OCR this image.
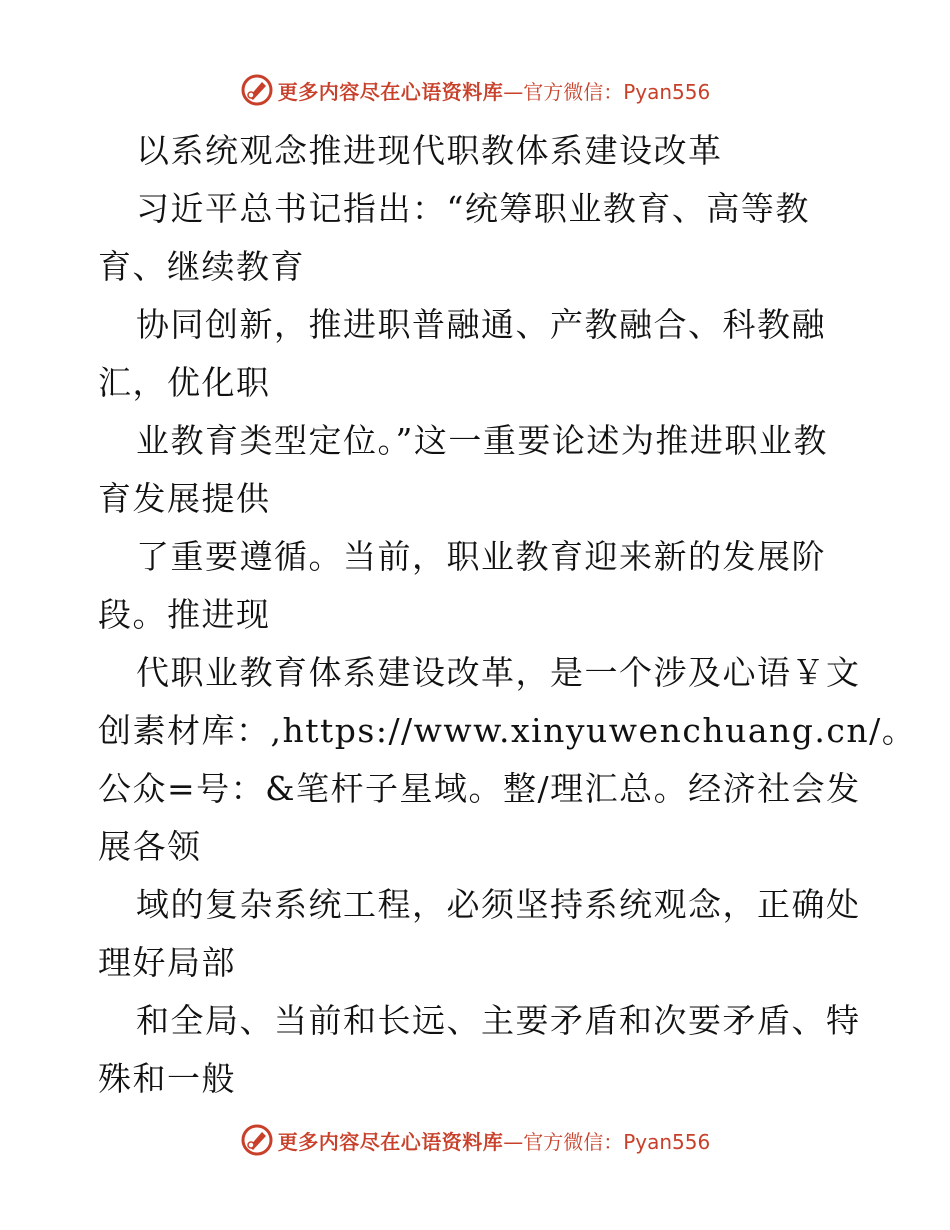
更多内容尽在心语资料库 —官方微信：Pyan556
以系统观念推进现代职教体系建设改革
习近平总书记指出：“统筹职业教育、高等教
育、继续教育
协同创新，推进职普融通、产教融合、科教融
汇，优化职
业教育类型定位。”这一重要论述为推进职业教
育发展提供
了重要遵循。当前，职业教育迎来新的发展阶
段。推进现
代职业教育体系建设改革，是一个涉及心语￥文
创素材库：,https://www.xinyuwenchuang.cn/。
公众=号：&笔杆子星域。整/理汇总。经济社会发
展各领
域的复杂系统工程，必须坚持系统观念，正确处
理好局部
和全局、当前和长远、主要矛盾和次要矛盾、特
殊和一般
更多内容尽在心语资料库 —官方微信：Pyan556
